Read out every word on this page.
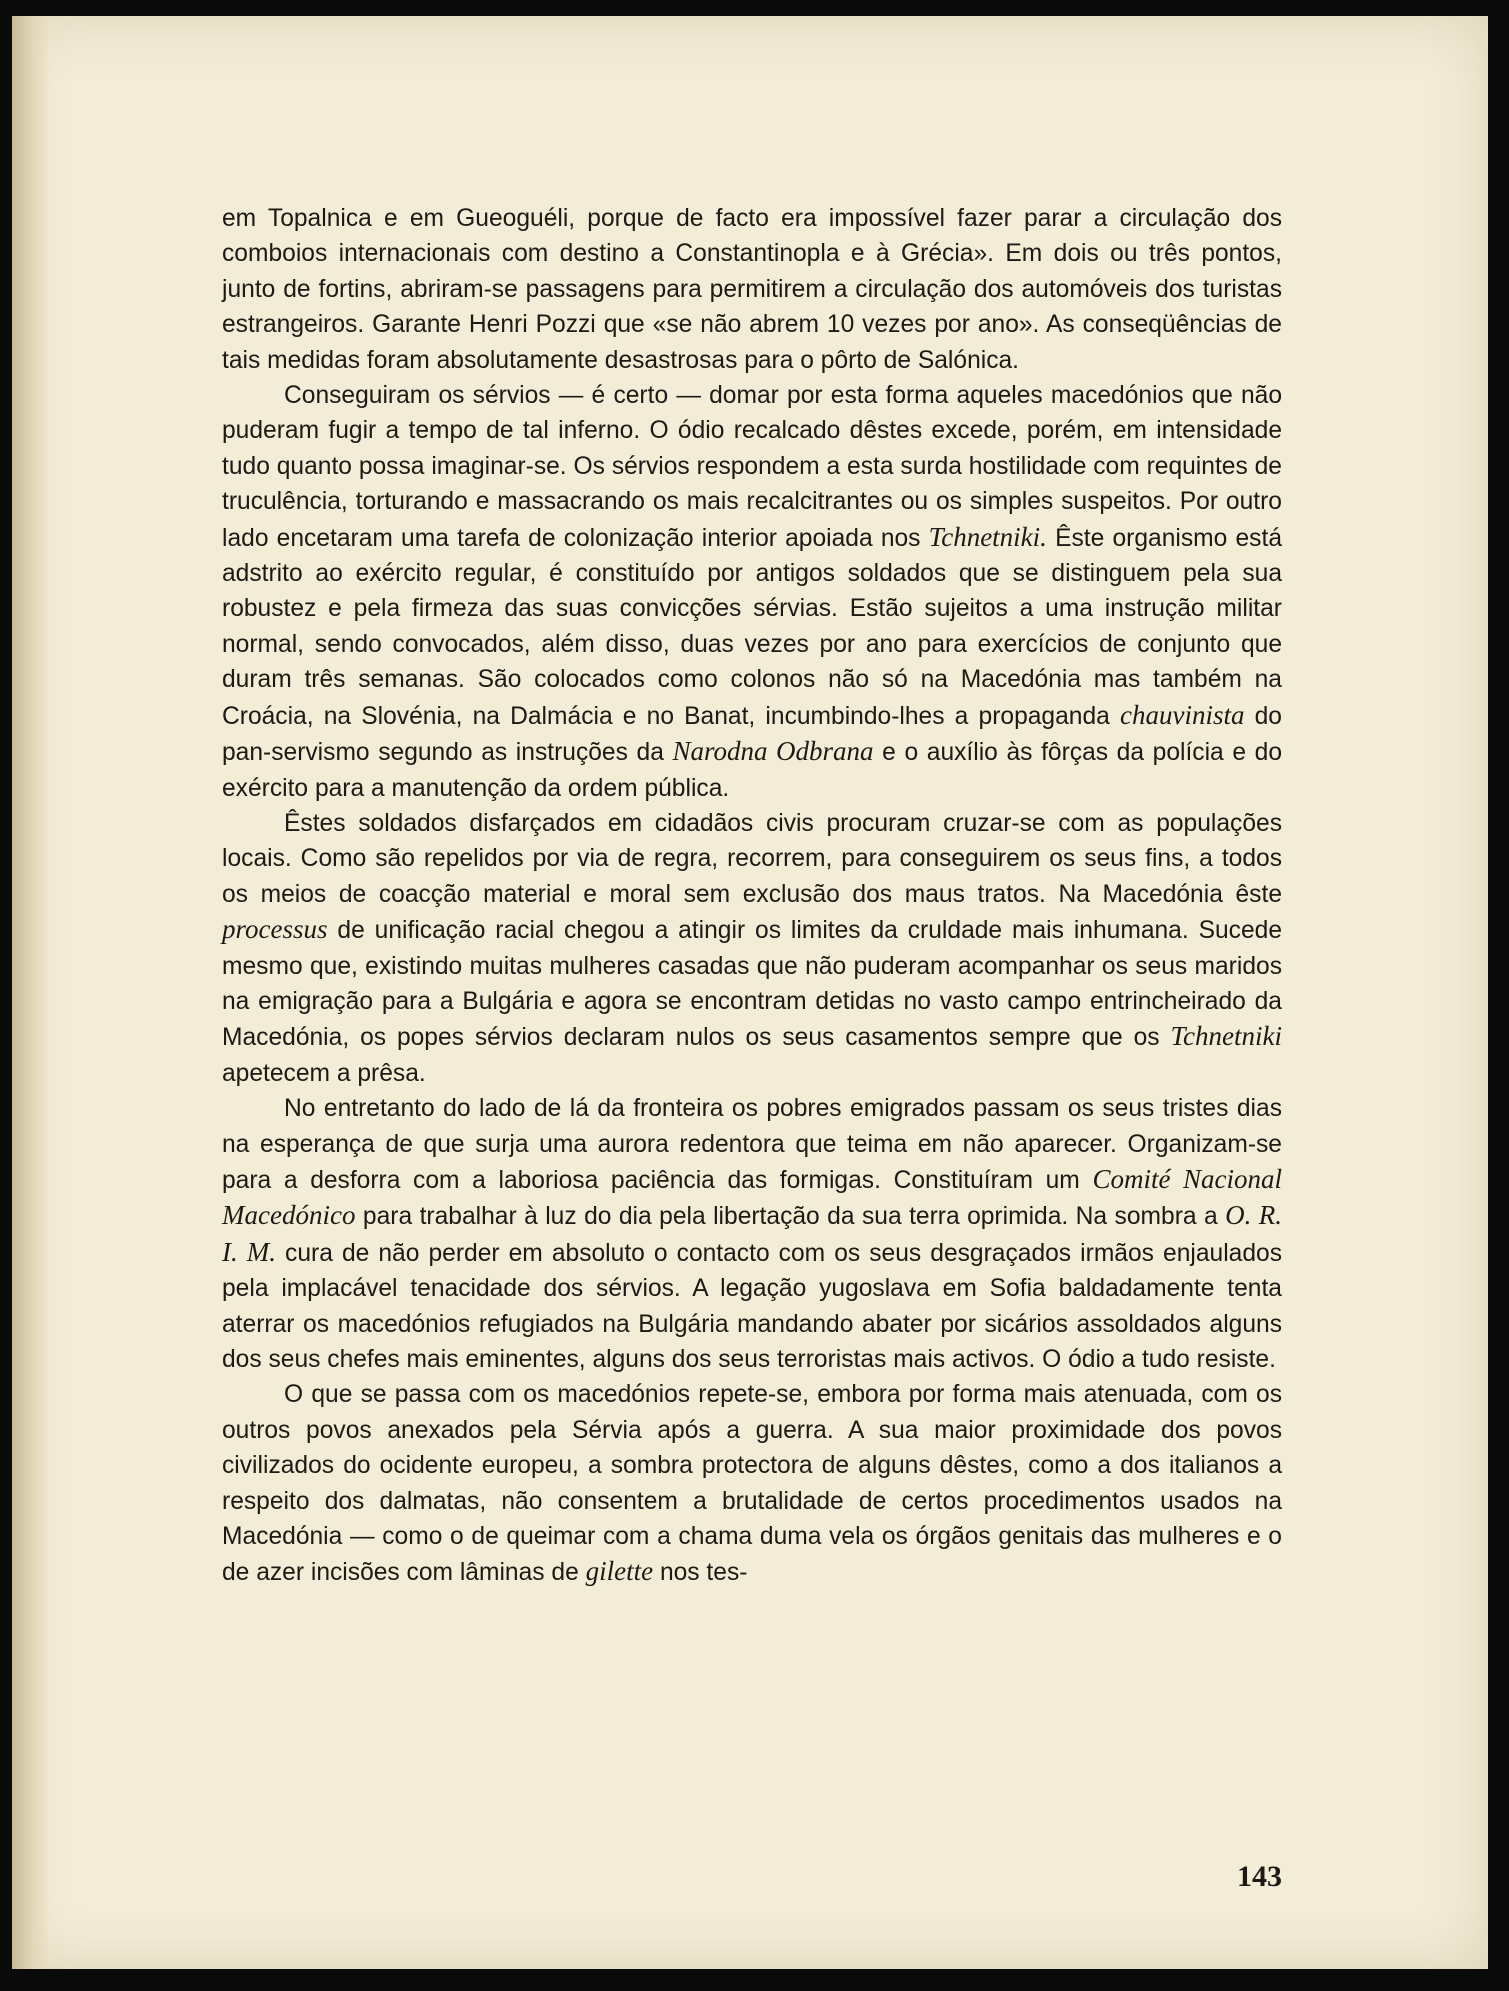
em Topalnica e em Gueoguéli, porque de facto era impossível fazer parar a circulação dos comboios internacionais com destino a Constantinopla e à Grécia». Em dois ou três pontos, junto de fortins, abriram-se passagens para permitirem a circulação dos automóveis dos turistas estrangeiros. Garante Henri Pozzi que «se não abrem 10 vezes por ano». As conseqüências de tais medidas foram absolutamente desastrosas para o pôrto de Salónica.

Conseguiram os sérvios — é certo — domar por esta forma aqueles macedónios que não puderam fugir a tempo de tal inferno. O ódio recalcado dêstes excede, porém, em intensidade tudo quanto possa imaginar-se. Os sérvios respondem a esta surda hostilidade com requintes de truculência, torturando e massacrando os mais recalcitrantes ou os simples suspeitos. Por outro lado encetaram uma tarefa de colonização interior apoiada nos Tchnetniki. Êste organismo está adstrito ao exército regular, é constituído por antigos soldados que se distinguem pela sua robustez e pela firmeza das suas convicções sérvias. Estão sujeitos a uma instrução militar normal, sendo convocados, além disso, duas vezes por ano para exercícios de conjunto que duram três semanas. São colocados como colonos não só na Macedónia mas também na Croácia, na Slovénia, na Dalmácia e no Banat, incumbindo-lhes a propaganda chauvinista do pan-servismo segundo as instruções da Narodna Odbrana e o auxílio às fôrças da polícia e do exército para a manutenção da ordem pública.

Êstes soldados disfarçados em cidadãos civis procuram cruzar-se com as populações locais. Como são repelidos por via de regra, recorrem, para conseguirem os seus fins, a todos os meios de coacção material e moral sem exclusão dos maus tratos. Na Macedónia êste processus de unificação racial chegou a atingir os limites da cruldade mais inhumana. Sucede mesmo que, existindo muitas mulheres casadas que não puderam acompanhar os seus maridos na emigração para a Bulgária e agora se encontram detidas no vasto campo entrincheirado da Macedónia, os popes sérvios declaram nulos os seus casamentos sempre que os Tchnetniki apetecem a prêsa.

No entretanto do lado de lá da fronteira os pobres emigrados passam os seus tristes dias na esperança de que surja uma aurora redentora que teima em não aparecer. Organizam-se para a desforra com a laboriosa paciência das formigas. Constituíram um Comité Nacional Macedónico para trabalhar à luz do dia pela libertação da sua terra oprimida. Na sombra a O. R. I. M. cura de não perder em absoluto o contacto com os seus desgraçados irmãos enjaulados pela implacável tenacidade dos sérvios. A legação yugoslava em Sofia baldadamente tenta aterrar os macedónios refugiados na Bulgária mandando abater por sicários assoldados alguns dos seus chefes mais eminentes, alguns dos seus terroristas mais activos. O ódio a tudo resiste.

O que se passa com os macedónios repete-se, embora por forma mais atenuada, com os outros povos anexados pela Sérvia após a guerra. A sua maior proximidade dos povos civilizados do ocidente europeu, a sombra protectora de alguns dêstes, como a dos italianos a respeito dos dalmatas, não consentem a brutalidade de certos procedimentos usados na Macedónia — como o de queimar com a chama duma vela os órgãos genitais das mulheres e o de azer incisões com lâminas de gilette nos tes-

143
